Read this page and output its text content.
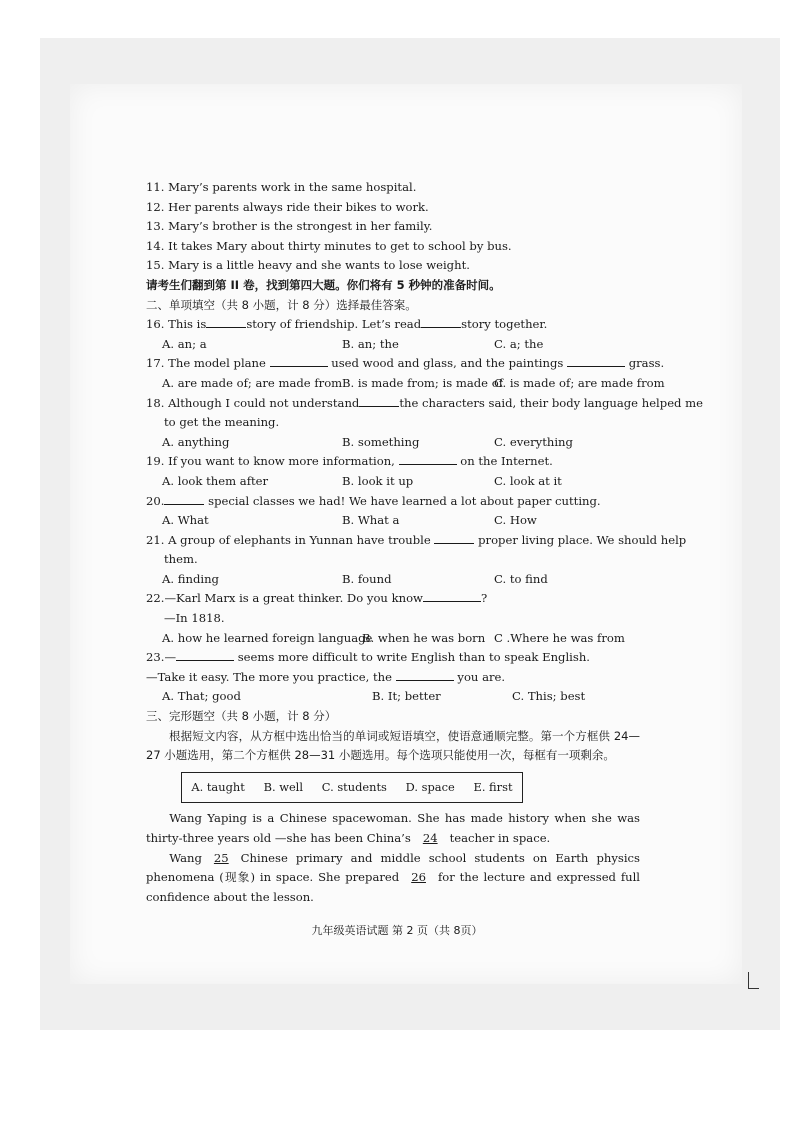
11. Mary’s parents work in the same hospital.
12. Her parents always ride their bikes to work.
13. Mary’s brother is the strongest in her family.
14. It takes Mary about thirty minutes to get to school by bus.
15. Mary is a little heavy and she wants to lose weight.
请考生们翻到第 II 卷，找到第四大题。你们将有 5 秒钟的准备时间。
二、单项填空（共 8 小题，计 8 分）选择最佳答案。
16. This is	story of friendship. Let’s read	story together.
A. an; a	B. an; the	C. a; the
17. The model plane	used wood and glass, and the paintings	grass.
A. are made of; are made from B. is made from; is made of
C. is made of; are made from
18. Although I could not understand	the characters said, their body language helped me
to get the meaning.
A. anything	B. something	C. everything
19. If you want to know more information,	on the Internet.
A. look them after	B. look it up	C. look at it
20.	special classes we had! We have learned a lot about paper cutting.
A. What	B. What a	C. How
21. A group of elephants in Yunnan have trouble	proper living place. We should help
them.
A. finding	B. found	C. to find
22.—Karl Marx is a great thinker. Do you know	?
—In 1818.
A. how he learned foreign language
B. when he was born C .Where he was from
23.—	seems more difficult to write English than to speak English.
—Take it easy. The more you practice, the	you are.
A. That; good	B. It; better	C. This; best
三、完形题空（共 8 小题，计 8 分）
根据短文内容，从方框中选出恰当的单词或短语填空，使语意通顺完整。第一个方框供 24—27 小题选用，第二个方框供 28—31 小题选用。每个选项只能使用一次，每框有一项剩余。
A. taught B. well C. students D. space E. first
Wang Yaping is a Chinese spacewoman. She has made history when she was thirty-three years old —she has been China’s 24 teacher in space.
Wang 25 Chinese primary and middle school students on Earth physics phenomena (现象) in space. She prepared 26 for the lecture and expressed full confidence about the lesson.
九年级英语试题 第 2 页（共 8页）
